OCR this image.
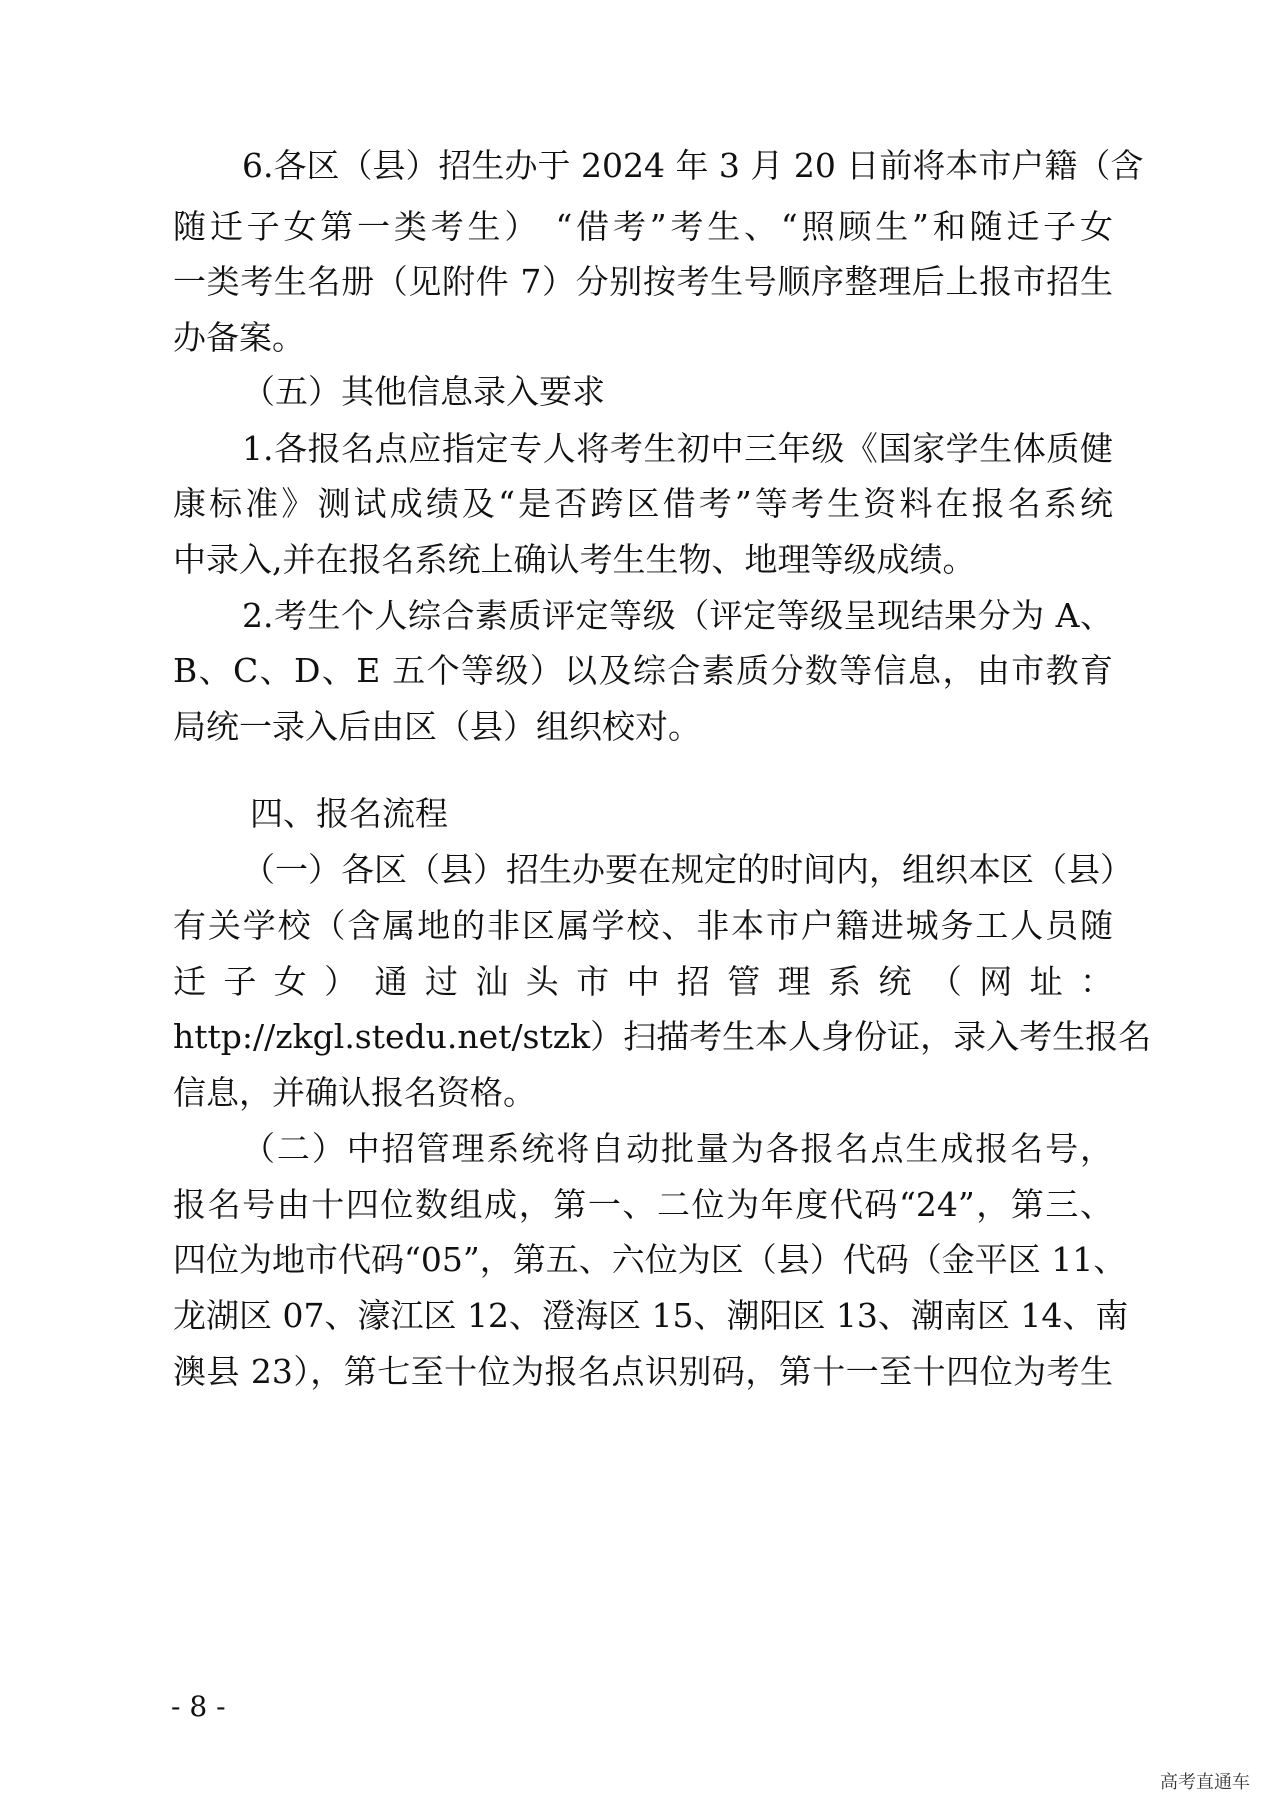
6.各区（县）招生办于 2024 年 3 月 20 日前将本市户籍（含
随迁子女第一类考生） “借考”考生、“照顾生”和随迁子女
一类考生名册（见附件 7）分别按考生号顺序整理后上报市招生
办备案。
（五）其他信息录入要求
1.各报名点应指定专人将考生初中三年级《国家学生体质健
康标准》测试成绩及“是否跨区借考”等考生资料在报名系统
中录入,并在报名系统上确认考生生物、地理等级成绩。
2.考生个人综合素质评定等级（评定等级呈现结果分为 A、
B、C、D、E 五个等级）以及综合素质分数等信息，由市教育
局统一录入后由区（县）组织校对。
四、报名流程
（一）各区（县）招生办要在规定的时间内，组织本区（县）
有关学校（含属地的非区属学校、非本市户籍进城务工人员随
迁 子 女 ） 通 过 汕 头 市 中 招 管 理 系 统 （ 网 址 ：
http://zkgl.stedu.net/stzk）扫描考生本人身份证，录入考生报名
信息，并确认报名资格。
（二）中招管理系统将自动批量为各报名点生成报名号，
报名号由十四位数组成，第一、二位为年度代码“24”，第三、
四位为地市代码“05”，第五、六位为区（县）代码（金平区 11、
龙湖区 07、濠江区 12、澄海区 15、潮阳区 13、潮南区 14、南
澳县 23），第七至十位为报名点识别码，第十一至十四位为考生
- 8 -
高考直通车
